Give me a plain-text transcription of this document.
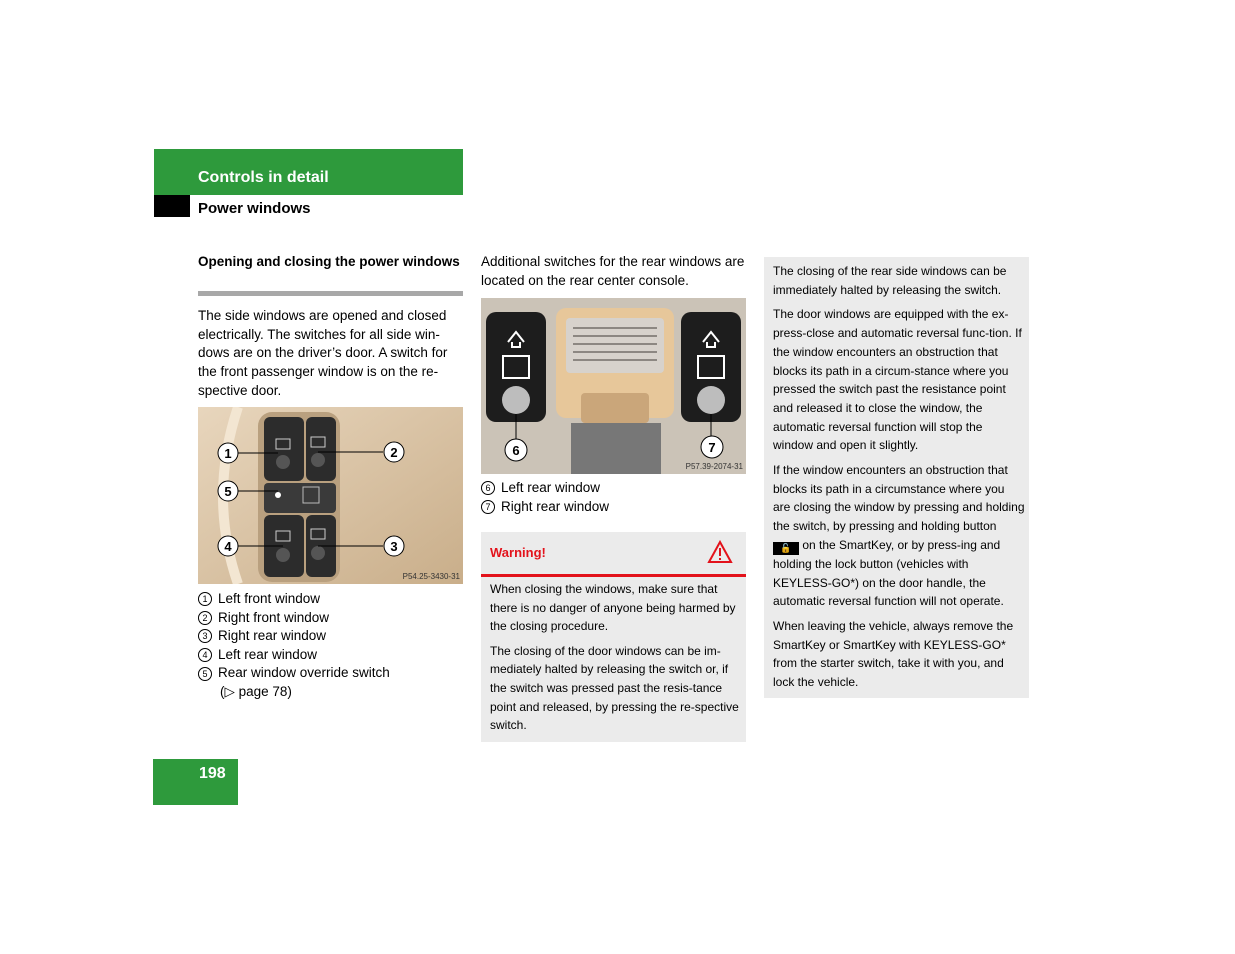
Controls in detail
Power windows
Opening and closing the power windows
The side windows are opened and closed electrically. The switches for all side win-dows are on the driver’s door. A switch for the front passenger window is on the re-spective door.
1	2
5
4	3
P54.25-3430-31
1 Left front window
2 Right front window
3 Right rear window
4 Left rear window
5 Rear window override switch
(▷ page 78)
Additional switches for the rear windows are located on the rear center console.
6	7
P57.39-2074-31
6 Left rear window
7 Right rear window
Warning!

When closing the windows, make sure that there is no danger of anyone being harmed by the closing procedure.

The closing of the door windows can be im-mediately halted by releasing the switch or, if the switch was pressed past the resis-tance point and released, by pressing the re-spective switch.

The closing of the rear side windows can be immediately halted by releasing the switch.

The door windows are equipped with the ex-press-close and automatic reversal func-tion. If the window encounters an obstruction that blocks its path in a circum-stance where you pressed the switch past the resistance point and released it to close the window, the automatic reversal function will stop the window and open it slightly.

If the window encounters an obstruction that blocks its path in a circumstance where you are closing the window by pressing and holding the switch, by pressing and holding button 🔓 on the SmartKey, or by press-ing and holding the lock button (vehicles with KEYLESS-GO*) on the door handle, the automatic reversal function will not operate.

When leaving the vehicle, always remove the SmartKey or SmartKey with KEYLESS-GO* from the starter switch, take it with you, and lock the vehicle.

198
